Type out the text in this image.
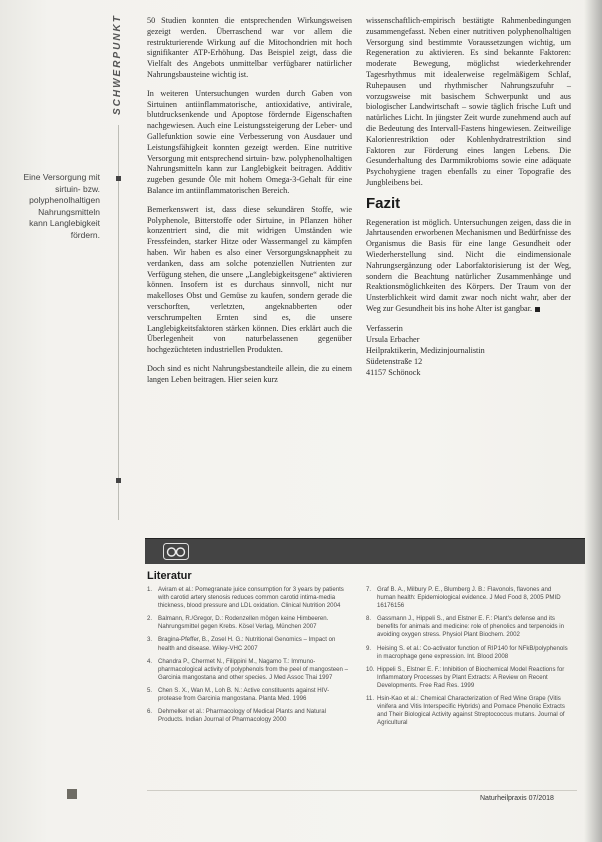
SCHWERPUNKT
Eine Versorgung mit sirtuin- bzw. polyphenolhaltigen Nahrungsmitteln kann Langlebigkeit fördern.

50 Studien konnten die entsprechenden Wirkungsweisen gezeigt werden. Überraschend war vor allem die restrukturierende Wirkung auf die Mitochondrien mit hoch signifikanter ATP-Erhöhung. Das Beispiel zeigt, dass die Vielfalt des Angebots unmittelbar verfügbarer natürlicher Nahrungsbausteine wichtig ist.

In weiteren Untersuchungen wurden durch Gaben von Sirtuinen antiinflammatorische, antioxidative, antivirale, blutdrucksenkende und Apoptose fördernde Eigenschaften nachgewiesen. Auch eine Leistungssteigerung der Leber- und Gallefunktion sowie eine Verbesserung von Ausdauer und Leistungsfähigkeit konnten gezeigt werden. Eine nutritive Versorgung mit entsprechend sirtuin- bzw. polyphenolhaltigen Nahrungsmitteln kann zur Langlebigkeit beitragen. Additiv zugeben gesunde Öle mit hohem Omega-3-Gehalt für eine Balance im antiinflammatorischen Bereich.

Bemerkenswert ist, dass diese sekundären Stoffe, wie Polyphenole, Bitterstoffe oder Sirtuine, in Pflanzen höher konzentriert sind, die mit widrigen Umständen wie Fressfeinden, starker Hitze oder Wassermangel zu kämpfen haben. Wir haben es also einer Versorgungsknappheit zu verdanken, dass am solche potenziellen Nutrienten zur Verfügung stehen, die unsere „Langlebigkeitsgene“ aktivieren können. Insofern ist es durchaus sinnvoll, nicht nur makelloses Obst und Gemüse zu kaufen, sondern gerade die verschorften, verletzten, angeknabberten oder verschrumpelten Ernten sind es, die unsere Langlebigkeitsfaktoren stärken können. Dies erklärt auch die Überlegenheit von naturbelassenen gegenüber hochgezüchteten industriellen Produkten.

Doch sind es nicht Nahrungsbestandteile allein, die zu einem langen Leben beitragen. Hier seien kurz

wissenschaftlich-empirisch bestätigte Rahmenbedingungen zusammengefasst. Neben einer nutritiven polyphenolhaltigen Versorgung sind bestimmte Voraussetzungen wichtig, um Regeneration zu aktivieren. Es sind bekannte Faktoren: moderate Bewegung, möglichst wiederkehrender Tagesrhythmus mit idealerweise regelmäßigem Schlaf, Ruhepausen und rhythmischer Nahrungszufuhr – vorzugsweise mit basischem Schwerpunkt und aus biologischer Landwirtschaft – sowie täglich frische Luft und natürliches Licht. In jüngster Zeit wurde zunehmend auch auf die Bedeutung des Intervall-Fastens hingewiesen. Zeitweilige Kalorienrestriktion oder Kohlenhydratrestriktion sind Faktoren zur Förderung eines langen Lebens. Die Gesunderhaltung des Darmmikrobioms sowie eine adäquate Psychohygiene tragen ebenfalls zu einer Topografie des Jungbleibens bei.

Fazit

Regeneration ist möglich. Untersuchungen zeigen, dass die in Jahrtausenden erworbenen Mechanismen und Bedürfnisse des Organismus die Basis für eine lange Gesundheit oder Wiederherstellung sind. Nicht die eindimensionale Nahrungsergänzung oder Laborfaktorisierung ist der Weg, sondern die Beachtung natürlicher Zusammenhänge und Reaktionsmöglichkeiten des Körpers. Der Traum von der Unsterblichkeit wird damit zwar noch nicht wahr, aber der Weg zur Gesundheit bis ins hohe Alter ist gangbar.

Verfasserin
Ursula Erbacher
Heilpraktikerin, Medizinjournalistin
Südetenstraße 12
41157 Schönock
Literatur
1. Aviram et al.: Pomegranate juice consumption for 3 years by patients with carotid artery stenosis reduces common carotid intima-media thickness, blood pressure and LDL oxidation. Clinical Nutrition 2004
2. Balmann, R./Gregor, D.: Rodenzellen mögen keine Himbeeren. Nahrungsmittel gegen Krebs. Kösel Verlag, München 2007
3. Bragina-Pfeffer, B., Zosel H. G.: Nutritional Genomics – Impact on health and disease. Wiley-VHC 2007
4. Chandra P., Chermet N., Filippini M., Nagamo T.: Immuno-pharmacological activity of polyphenols from the peel of mangosteen – Garcinia mangostana and other species. J Med Assoc Thai 1997
5. Chen S. X., Wan M., Loh B. N.: Active constituents against HIV-protease from Garcinia mangostana. Planta Med. 1996
6. Dehmelker et al.: Pharmacology of Medical Plants and Natural Products. Indian Journal of Pharmacology 2000
7. Graf B. A., Milbury P. E., Blumberg J. B.: Flavonols, flavones and human health: Epidemiological evidence. J Med Food 8, 2005 PMID 16176156
8. Gassmann J., Hippeli S., and Elstner E. F.: Plant's defense and its benefits for animals and medicine: role of phenolics and terpenoids in avoiding oxygen stress. Physiol Plant Biochem. 2002
9. Heising S. et al.: Co-activator function of RIP140 for NFkB/polyphenols in macrophage gene expression. Int. Blood 2008
10. Hippeli S., Elstner E. F.: Inhibition of Biochemical Model Reactions for Inflammatory Processes by Plant Extracts: A Review on Recent Developments. Free Rad Res. 1999
11. Hsin-Kao et al.: Chemical Characterization of Red Wine Grape (Vitis vinifera and Vitis Interspecific Hybrids) and Pomace Phenolic Extracts and Their Biological Activity against Streptococcus mutans. Journal of Agricultural
Naturheilpraxis 07/2018
